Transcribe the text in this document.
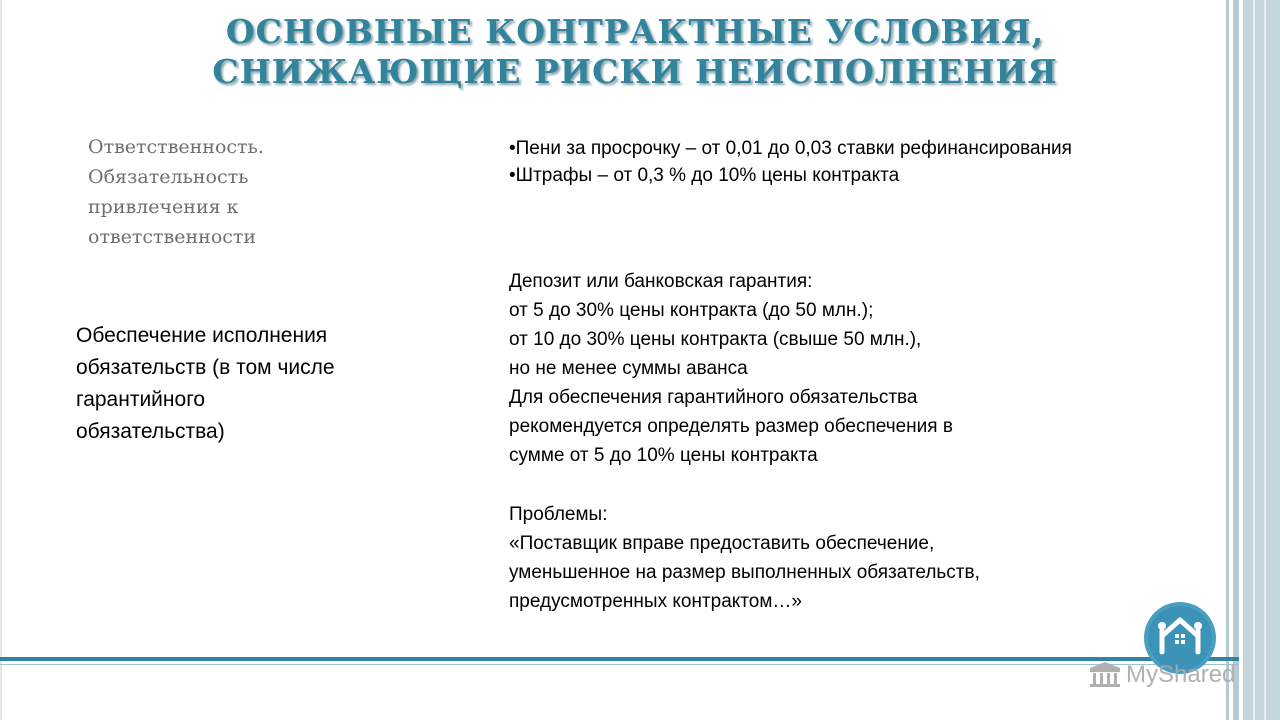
ОСНОВНЫЕ КОНТРАКТНЫЕ УСЛОВИЯ,
СНИЖАЮЩИЕ РИСКИ НЕИСПОЛНЕНИЯ
Ответственность.
Обязательность
привлечения к
ответственности
•Пени за просрочку – от 0,01 до 0,03 ставки рефинансирования
•Штрафы – от 0,3 % до 10% цены контракта
Обеспечение исполнения
обязательств (в том числе
гарантийного
обязательства)
Депозит или банковская гарантия:
от 5 до 30% цены контракта (до 50 млн.);
от 10 до 30% цены контракта (свыше 50 млн.),
но не менее суммы аванса
Для обеспечения гарантийного обязательства
рекомендуется определять размер обеспечения в
сумме от 5 до 10% цены контракта
Проблемы:
«Поставщик вправе предоставить обеспечение,
уменьшенное на размер выполненных обязательств,
предусмотренных контрактом…»
MyShared
